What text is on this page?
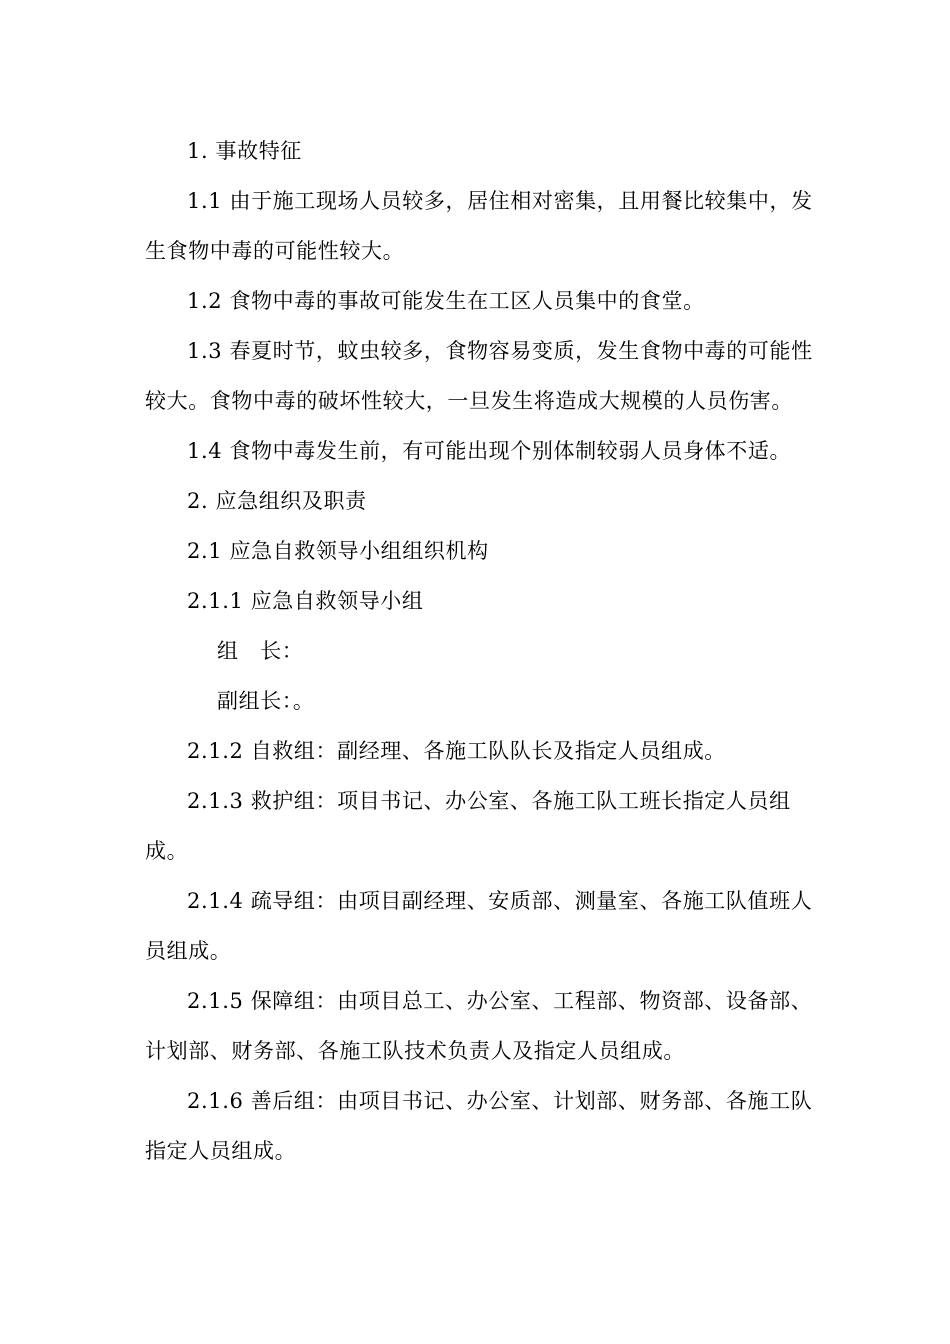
1. 事故特征

1.1 由于施工现场人员较多，居住相对密集，且用餐比较集中，发生食物中毒的可能性较大。

1.2 食物中毒的事故可能发生在工区人员集中的食堂。

1.3 春夏时节，蚊虫较多，食物容易变质，发生食物中毒的可能性较大。食物中毒的破坏性较大，一旦发生将造成大规模的人员伤害。

1.4 食物中毒发生前，有可能出现个别体制较弱人员身体不适。

2. 应急组织及职责

2.1 应急自救领导小组组织机构

2.1.1 应急自救领导小组

组　长：

副组长：。

2.1.2 自救组：副经理、各施工队队长及指定人员组成。

2.1.3 救护组：项目书记、办公室、各施工队工班长指定人员组成。

2.1.4 疏导组：由项目副经理、安质部、测量室、各施工队值班人员组成。

2.1.5 保障组：由项目总工、办公室、工程部、物资部、设备部、计划部、财务部、各施工队技术负责人及指定人员组成。

2.1.6 善后组：由项目书记、办公室、计划部、财务部、各施工队指定人员组成。
